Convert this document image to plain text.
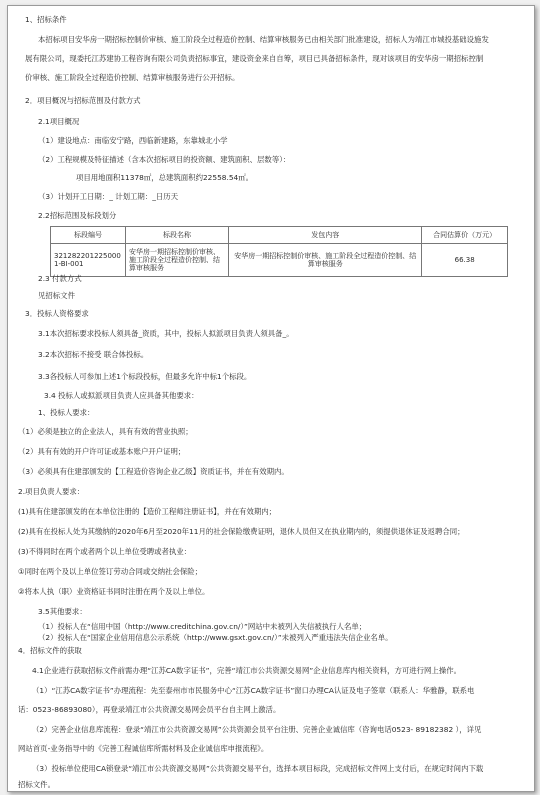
1、招标条件
本招标项目安华房一期招标控制价审核、施工阶段全过程造价控制、结算审核服务已由相关部门批准建设，招标人为靖江市城投基础设施发
展有限公司，现委托江苏建协工程咨询有限公司负责招标事宜，建设资金来自自筹，项目已具备招标条件，现对该项目的安华房一期招标控制
价审核、施工阶段全过程造价控制、结算审核服务进行公开招标。
2．项目概况与招标范围及付款方式
2.1项目概况
（1）建设地点：南临安宁路，西临新建路，东靠城北小学
（2）工程规模及特征描述（含本次招标项目的投资额、建筑面积、层数等）：
项目用地面积11378㎡，总建筑面积约22558.54㎡。
（3）计划开工日期：_ 计划工期：_日历天
2.2招标范围及标段划分
标段编号	标段名称	发包内容	合同估算价（万元）
321282201225000 1-BI-001	安华房一期招标控制价审核、施工阶段全过程造价控制、结算审核服务	安华房一期招标控制价审核、施工阶段全过程造价控制、结算审核服务	66.38
2.3 付款方式
见招标文件
3．投标人资格要求
3.1本次招标要求投标人须具备_资质，其中，投标人拟派项目负责人须具备_。
3.2本次招标不接受 联合体投标。
3.3各投标人可参加上述1个标段投标，但最多允许中标1个标段。
3.4 投标人或拟派项目负责人应具备其他要求：
1、投标人要求：
（1）必须是独立的企业法人，具有有效的营业执照；
（2）具有有效的开户许可证或基本账户开户证明；
（3）必须具有住建部颁发的【工程造价咨询企业乙级】资质证书，并在有效期内。
2.项目负责人要求：
(1)具有住建部颁发的在本单位注册的【造价工程师注册证书】，并在有效期内；
(2)具有在投标人处为其缴纳的2020年6月至2020年11月的社会保险缴费证明，退休人员但又在执业期内的，须提供退休证及返聘合同；
(3)不得同时在两个或者两个以上单位受聘或者执业：
①同时在两个及以上单位签订劳动合同或交纳社会保险；
②将本人执（职）业资格证书同时注册在两个及以上单位。
3.5其他要求：
（1）投标人在“信用中国（http://www.creditchina.gov.cn/）”网站中未被列入失信被执行人名单；
（2）投标人在“国家企业信用信息公示系统（http://www.gsxt.gov.cn/）”未被列入严重违法失信企业名单。
4．招标文件的获取
4.1企业进行获取招标文件前需办理“江苏CA数字证书”，完善“靖江市公共资源交易网”企业信息库内相关资料，方可进行网上操作。
（1）“江苏CA数字证书”办理流程：先至泰州市市民服务中心“江苏CA数字证书”窗口办理CA认证及电子签章（联系人：华雅静，联系电
话：0523-86893080），再登录靖江市公共资源交易网会员平台自主网上激活。
（2）完善企业信息库流程：登录“靖江市公共资源交易网”公共资源会员平台注册、完善企业诚信库（咨询电话0523- 89182382 ），详见
网站首页-业务指导中的《完善工程诚信库所需材料及企业诚信库申报流程》。
（3）投标单位使用CA锁登录“靖江市公共资源交易网”公共资源交易平台，选择本项目标段，完成招标文件网上支付后，在规定时间内下载
招标文件。
